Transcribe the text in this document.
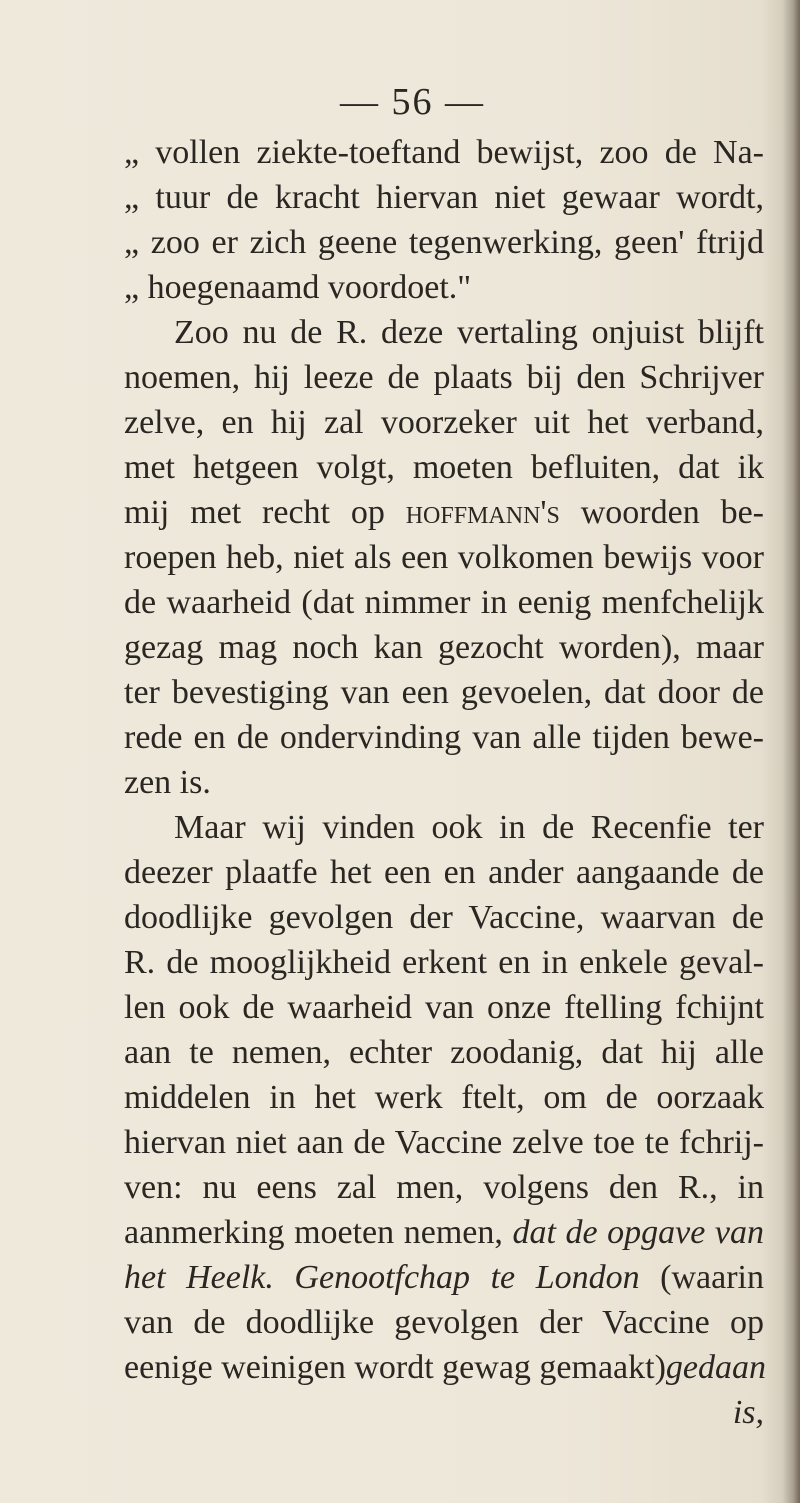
— 56 —
„ vollen ziekte-toeftand bewijst, zoo de Na-
„ tuur de kracht hiervan niet gewaar wordt,
„ zoo er zich geene tegenwerking, geen' ftrijd
„ hoegenaamd voordoet."
Zoo nu de R. deze vertaling onjuist blijft
noemen, hij leeze de plaats bij den Schrijver
zelve, en hij zal voorzeker uit het verband,
met hetgeen volgt, moeten befluiten, dat ik
mij met recht op hoffmann's woorden be-
roepen heb, niet als een volkomen bewijs voor
de waarheid (dat nimmer in eenig menfchelijk
gezag mag noch kan gezocht worden), maar
ter bevestiging van een gevoelen, dat door de
rede en de ondervinding van alle tijden bewe-
zen is.
Maar wij vinden ook in de Recenfie ter
deezer plaatfe het een en ander aangaande de
doodlijke gevolgen der Vaccine, waarvan de
R. de mooglijkheid erkent en in enkele geval-
len ook de waarheid van onze ftelling fchijnt
aan te nemen, echter zoodanig, dat hij alle
middelen in het werk ftelt, om de oorzaak
hiervan niet aan de Vaccine zelve toe te fchrij-
ven: nu eens zal men, volgens den R., in
aanmerking moeten nemen, dat de opgave van
het Heelk. Genootfchap te London (waarin
van de doodlijke gevolgen der Vaccine op
eenige weinigen wordt gewag gemaakt)gedaan
is,
